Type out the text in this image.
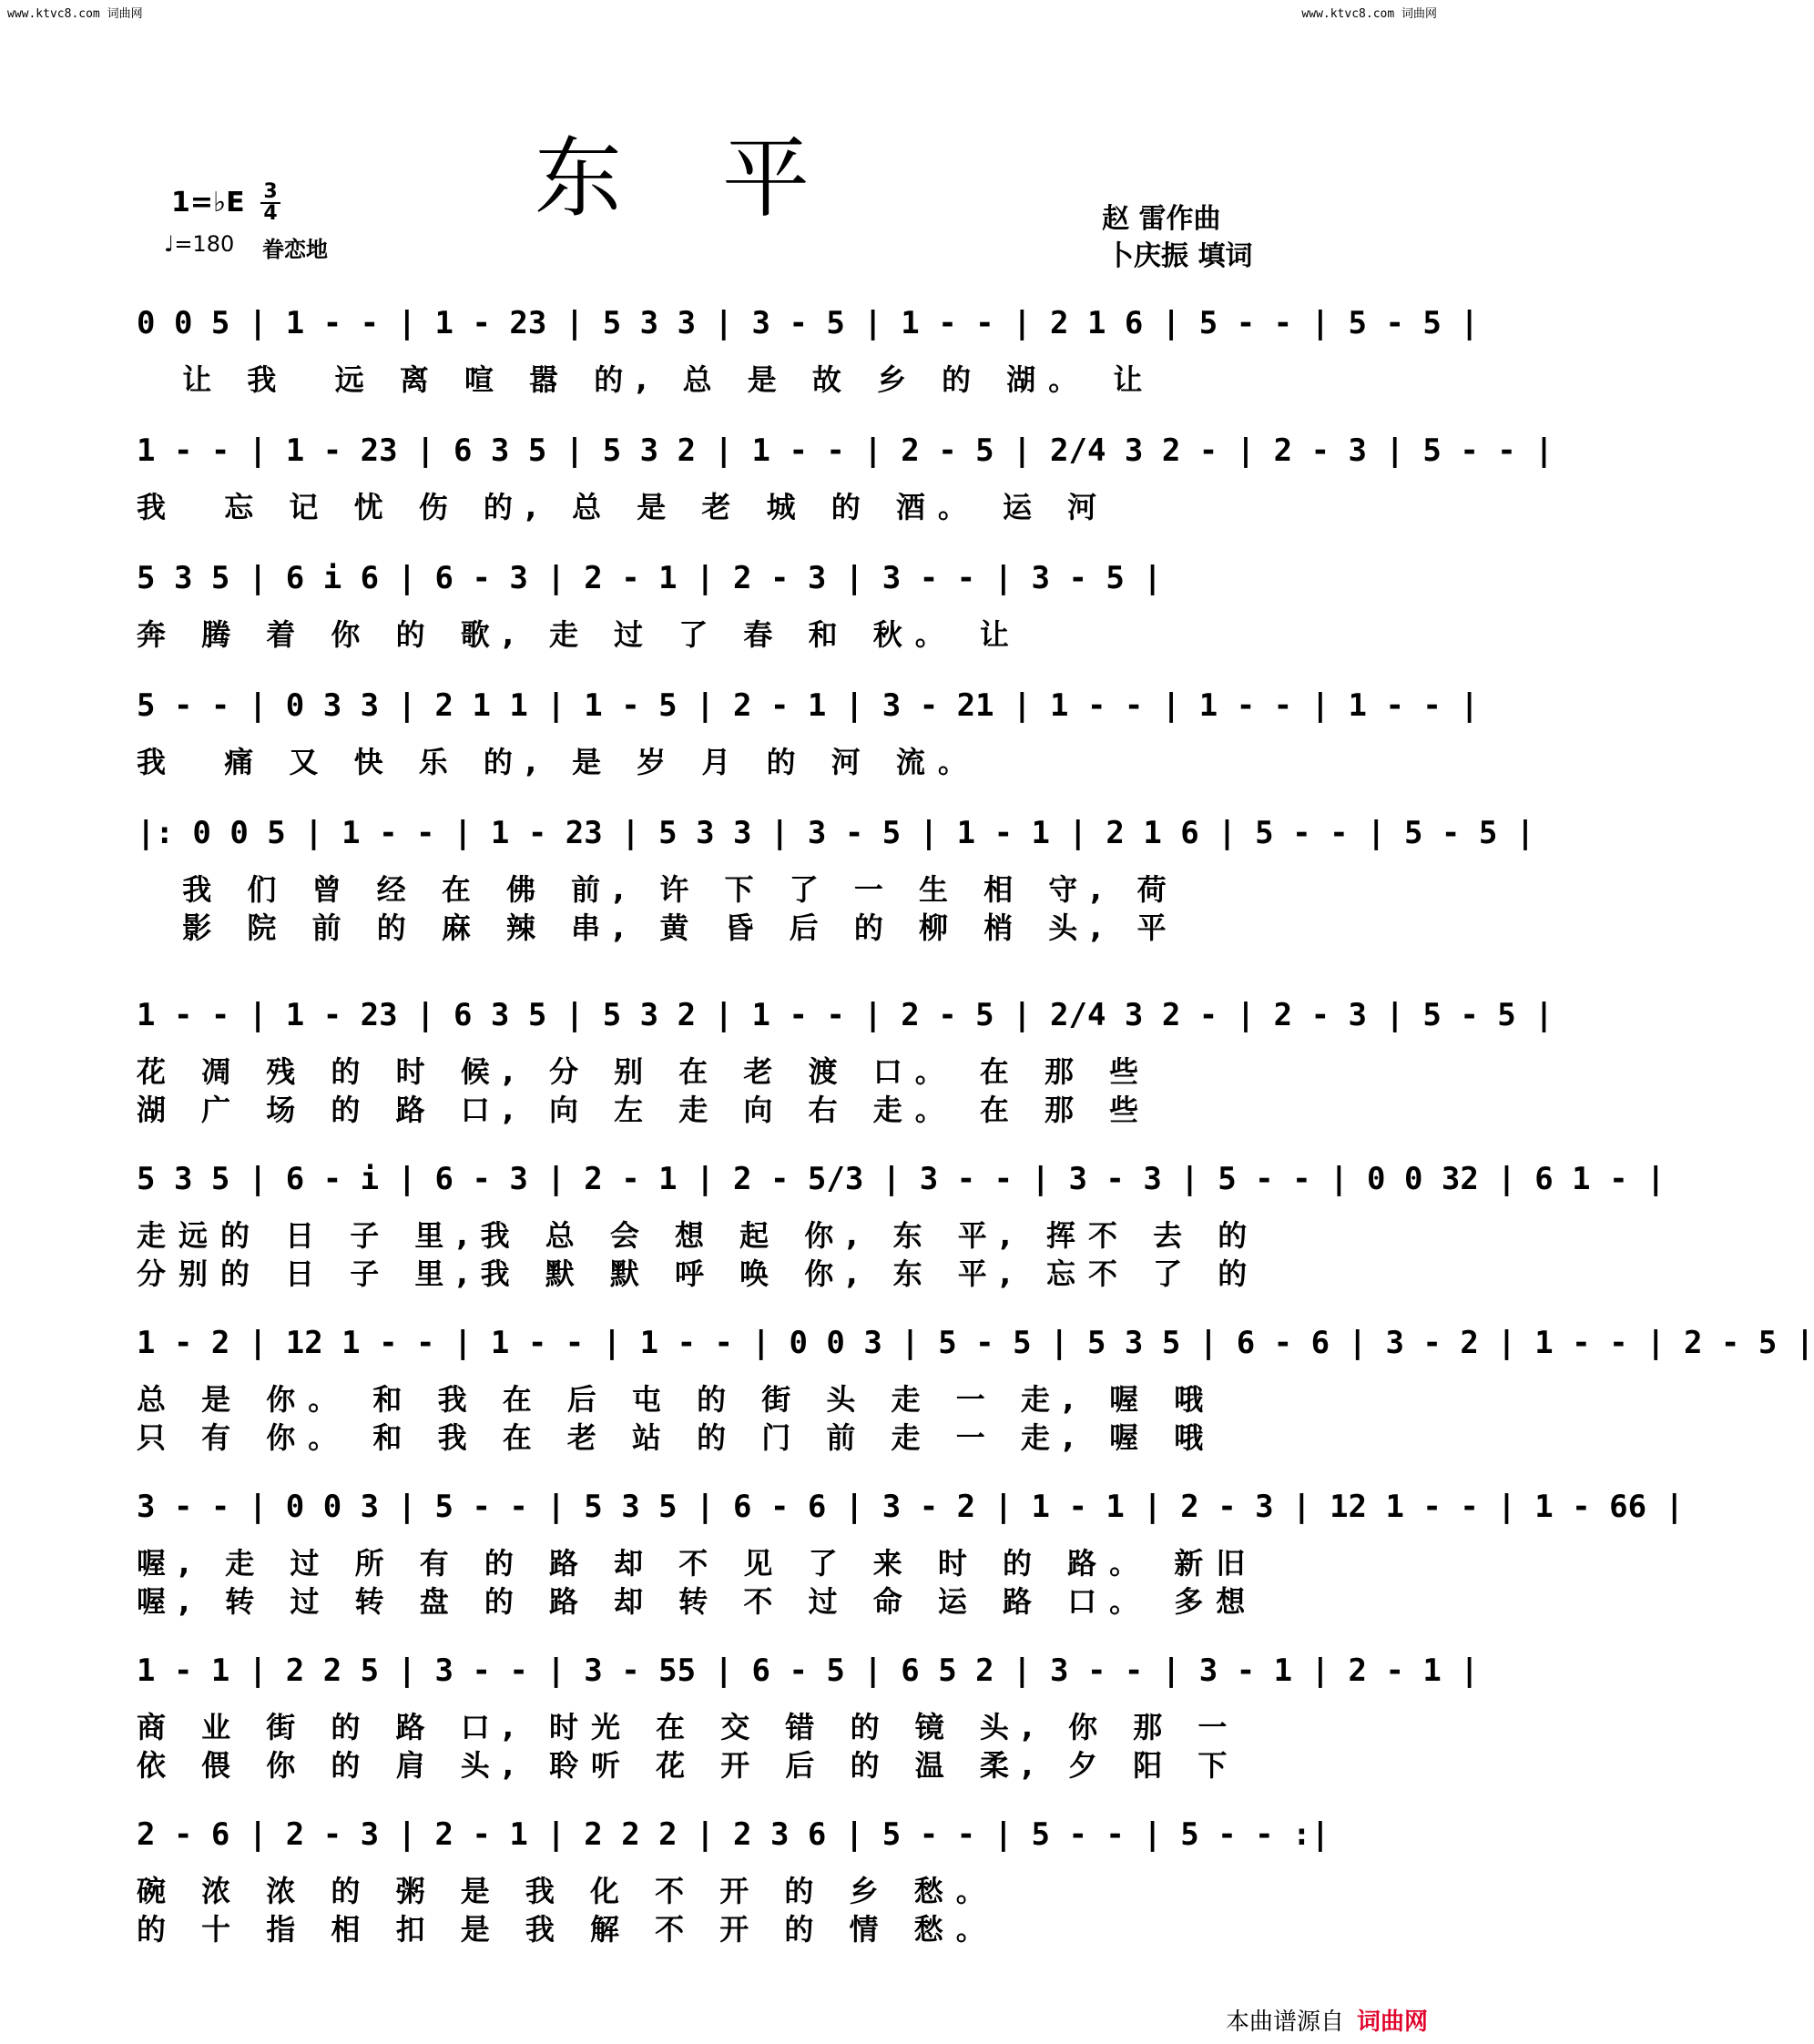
www.ktvc8.com 词曲网	www.ktvc8.com 词曲网
东平
1=♭E 3
4
♩=180 眷恋地
赵 雷作曲
卜庆振 填词
0 0 5 | 1 - - | 1 - 23 | 5 3 3 | 3 - 5 | 1 - - | 2 1 6 | 5 - - | 5 - 5 |
让 我  远 离 喧 嚣 的, 总 是 故 乡 的 湖。 让
1 - - | 1 - 23 | 6 3 5 | 5 3 2 | 1 - - | 2 - 5 | 2/4 3 2 - | 2 - 3 | 5 - - |
我  忘 记 忧 伤 的, 总 是 老 城 的 酒。 运 河
5 3 5 | 6 i 6 | 6 - 3 | 2 - 1 | 2 - 3 | 3 - - | 3 - 5 |
奔 腾 着 你 的 歌, 走 过 了 春 和 秋。 让
5 - - | 0 3 3 | 2 1 1 | 1 - 5 | 2 - 1 | 3 - 21 | 1 - - | 1 - - | 1 - - |
我  痛 又 快 乐 的, 是 岁 月 的 河 流。
|: 0 0 5 | 1 - - | 1 - 23 | 5 3 3 | 3 - 5 | 1 - 1 | 2 1 6 | 5 - - | 5 - 5 |
我 们 曾 经 在 佛 前, 许 下 了 一 生 相 守, 荷
影 院 前 的 麻 辣 串, 黄 昏 后 的 柳 梢 头, 平
1 - - | 1 - 23 | 6 3 5 | 5 3 2 | 1 - - | 2 - 5 | 2/4 3 2 - | 2 - 3 | 5 - 5 |
花 凋 残 的 时 候, 分 别 在 老 渡 口。 在 那 些
湖 广 场 的 路 口, 向 左 走 向 右 走。 在 那 些
5 3 5 | 6 - i | 6 - 3 | 2 - 1 | 2 - 5/3 | 3 - - | 3 - 3 | 5 - - | 0 0 32 | 6 1 - |
走远的 日 子 里,我 总 会 想 起 你, 东 平, 挥不 去 的
分别的 日 子 里,我 默 默 呼 唤 你, 东 平, 忘不 了 的
1 - 2 | 12 1 - - | 1 - - | 1 - - | 0 0 3 | 5 - 5 | 5 3 5 | 6 - 6 | 3 - 2 | 1 - - | 2 - 5 |
总 是 你。 和 我 在 后 屯 的 街 头 走 一 走, 喔 哦
只 有 你。 和 我 在 老 站 的 门 前 走 一 走, 喔 哦
3 - - | 0 0 3 | 5 - - | 5 3 5 | 6 - 6 | 3 - 2 | 1 - 1 | 2 - 3 | 12 1 - - | 1 - 66 |
喔, 走 过 所 有 的 路 却 不 见 了 来 时 的 路。 新旧
喔, 转 过 转 盘 的 路 却 转 不 过 命 运 路 口。 多想
1 - 1 | 2 2 5 | 3 - - | 3 - 55 | 6 - 5 | 6 5 2 | 3 - - | 3 - 1 | 2 - 1 |
商 业 街 的 路 口, 时光 在 交 错 的 镜 头, 你 那 一
依 偎 你 的 肩 头, 聆听 花 开 后 的 温 柔, 夕 阳 下
2 - 6 | 2 - 3 | 2 - 1 | 2 2 2 | 2 3 6 | 5 - - | 5 - - | 5 - - :|
碗 浓 浓 的 粥 是 我 化 不 开 的 乡 愁。
的 十 指 相 扣 是 我 解 不 开 的 情 愁。
本曲谱源自 词曲网
